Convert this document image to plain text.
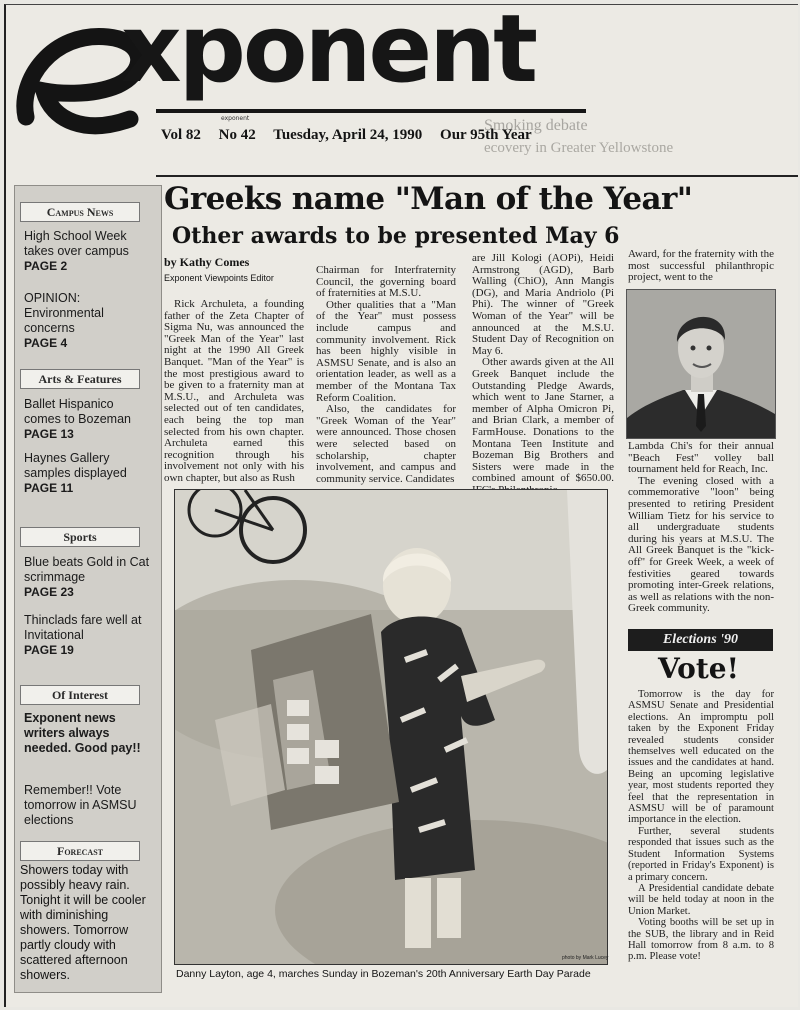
Smoking debate
ecovery in Greater Yellowstone
xponent
exponent
Vol 82 No 42 Tuesday, April 24, 1990 Our 95th Year
Campus News
High School Week takes over campus
PAGE 2
OPINION: Environmental concerns
PAGE 4
Arts & Features
Ballet Hispanico comes to Bozeman
PAGE 13
Haynes Gallery samples displayed
PAGE 11
Sports
Blue beats Gold in Cat scrimmage
PAGE 23
Thinclads fare well at Invitational
PAGE 19
Of Interest
Exponent news writers always needed. Good pay!!
Remember!! Vote tomorrow in ASMSU elections
Forecast
Showers today with possibly heavy rain. Tonight it will be cooler with diminishing showers. Tomorrow partly cloudy with scattered afternoon showers.
Greeks name "Man of the Year"
Other awards to be presented May 6
by Kathy Comes
Exponent Viewpoints Editor

Rick Archuleta, a founding father of the Zeta Chapter of Sigma Nu, was announced the "Greek Man of the Year" last night at the 1990 All Greek Banquet. "Man of the Year" is the most prestigious award to be given to a fraternity man at M.S.U., and Archuleta was selected out of ten candidates, each being the top man selected from his own chapter. Archuleta earned this recognition through his involvement not only with his own chapter, but also as Rush

Chairman for Interfraternity Council, the governing board of fraternities at M.S.U.

Other qualities that a "Man of the Year" must possess include campus and community involvement. Rick has been highly visible in ASMSU Senate, and is also an orientation leader, as well as a member of the Montana Tax Reform Coalition.

Also, the candidates for "Greek Woman of the Year" were announced. Those chosen were selected based on scholarship, chapter involvement, and campus and community service. Candidates

are Jill Kologi (AOPi), Heidi Armstrong (AGD), Barb Walling (ChiO), Ann Mangis (DG), and Maria Andriolo (Pi Phi). The winner of "Greek Woman of the Year" will be announced at the M.S.U. Student Day of Recognition on May 6.

Other awards given at the All Greek Banquet include the Outstanding Pledge Awards, which went to Jane Starner, a member of Alpha Omicron Pi, and Brian Clark, a member of FarmHouse. Donations to the Montana Teen Institute and Bozeman Big Brothers and Sisters were made in the combined amount of $650.00.

Award, for the fraternity with the most successful philanthropic project, went to the

Lambda Chi's for their annual "Beach Fest" volley ball tournament held for Reach, Inc.

The evening closed with a commemorative "loon" being presented to retiring President William Tietz for his service to all undergraduate students during his years at M.S.U. The All Greek Banquet is the "kick-off" for Greek Week, a week of festivities geared towards promoting inter-Greek relations, as well as relations with the non-Greek community.

photo by Mark Lucey
Danny Layton, age 4, marches Sunday in Bozeman's 20th Anniversary Earth Day Parade
Elections '90
Vote!

Tomorrow is the day for ASMSU Senate and Presidential elections. An impromptu poll taken by the Exponent Friday revealed students consider themselves well educated on the issues and the candidates at hand. Being an upcoming legislative year, most students reported they feel that the representation in ASMSU will be of paramount importance in the election.

Further, several students responded that issues such as the Student Information Systems (reported in Friday's Exponent) is a primary concern.

A Presidential candidate debate will be held today at noon in the Union Market.

Voting booths will be set up in the SUB, the library and in Reid Hall tomorrow from 8 a.m. to 8 p.m. Please vote!
